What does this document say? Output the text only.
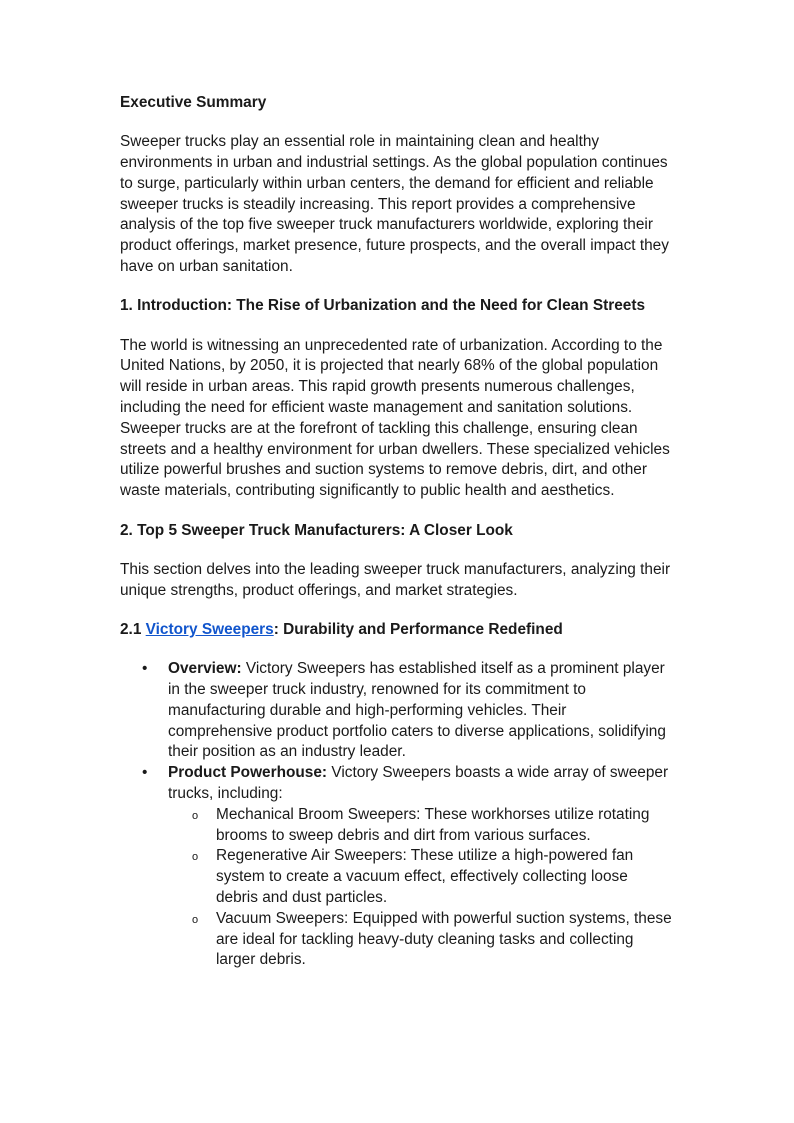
Executive Summary

Sweeper trucks play an essential role in maintaining clean and healthy environments in urban and industrial settings. As the global population continues to surge, particularly within urban centers, the demand for efficient and reliable sweeper trucks is steadily increasing. This report provides a comprehensive analysis of the top five sweeper truck manufacturers worldwide, exploring their product offerings, market presence, future prospects, and the overall impact they have on urban sanitation.

1. Introduction: The Rise of Urbanization and the Need for Clean Streets

The world is witnessing an unprecedented rate of urbanization. According to the United Nations, by 2050, it is projected that nearly 68% of the global population will reside in urban areas. This rapid growth presents numerous challenges, including the need for efficient waste management and sanitation solutions. Sweeper trucks are at the forefront of tackling this challenge, ensuring clean streets and a healthy environment for urban dwellers. These specialized vehicles utilize powerful brushes and suction systems to remove debris, dirt, and other waste materials, contributing significantly to public health and aesthetics.

2. Top 5 Sweeper Truck Manufacturers: A Closer Look

This section delves into the leading sweeper truck manufacturers, analyzing their unique strengths, product offerings, and market strategies.

2.1 Victory Sweepers: Durability and Performance Redefined

• Overview: Victory Sweepers has established itself as a prominent player in the sweeper truck industry, renowned for its commitment to manufacturing durable and high-performing vehicles. Their comprehensive product portfolio caters to diverse applications, solidifying their position as an industry leader.
• Product Powerhouse: Victory Sweepers boasts a wide array of sweeper trucks, including:
o Mechanical Broom Sweepers: These workhorses utilize rotating brooms to sweep debris and dirt from various surfaces.
o Regenerative Air Sweepers: These utilize a high-powered fan system to create a vacuum effect, effectively collecting loose debris and dust particles.
o Vacuum Sweepers: Equipped with powerful suction systems, these are ideal for tackling heavy-duty cleaning tasks and collecting larger debris.
